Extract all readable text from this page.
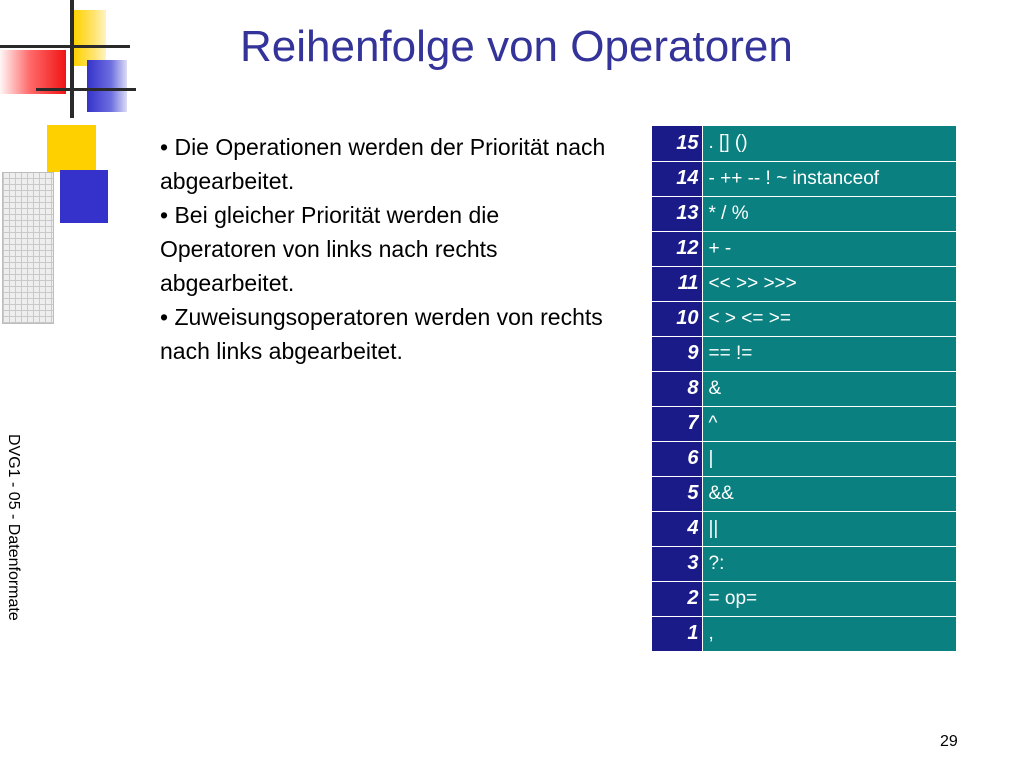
Reihenfolge von Operatoren
DVG1 - 05 - Datenformate
• Die Operationen werden der Priorität nach abgearbeitet.
• Bei gleicher Priorität werden die Operatoren von links nach rechts abgearbeitet.
• Zuweisungsoperatoren werden von rechts nach links abgearbeitet.
15	. [] ()
14	- ++ -- ! ~ instanceof
13	* / %
12	+ -
11	<< >> >>>
10	< > <= >=
9	== !=
8	&
7	^
6	|
5	&&
4	||
3	?:
2	= op=
1	,
29
